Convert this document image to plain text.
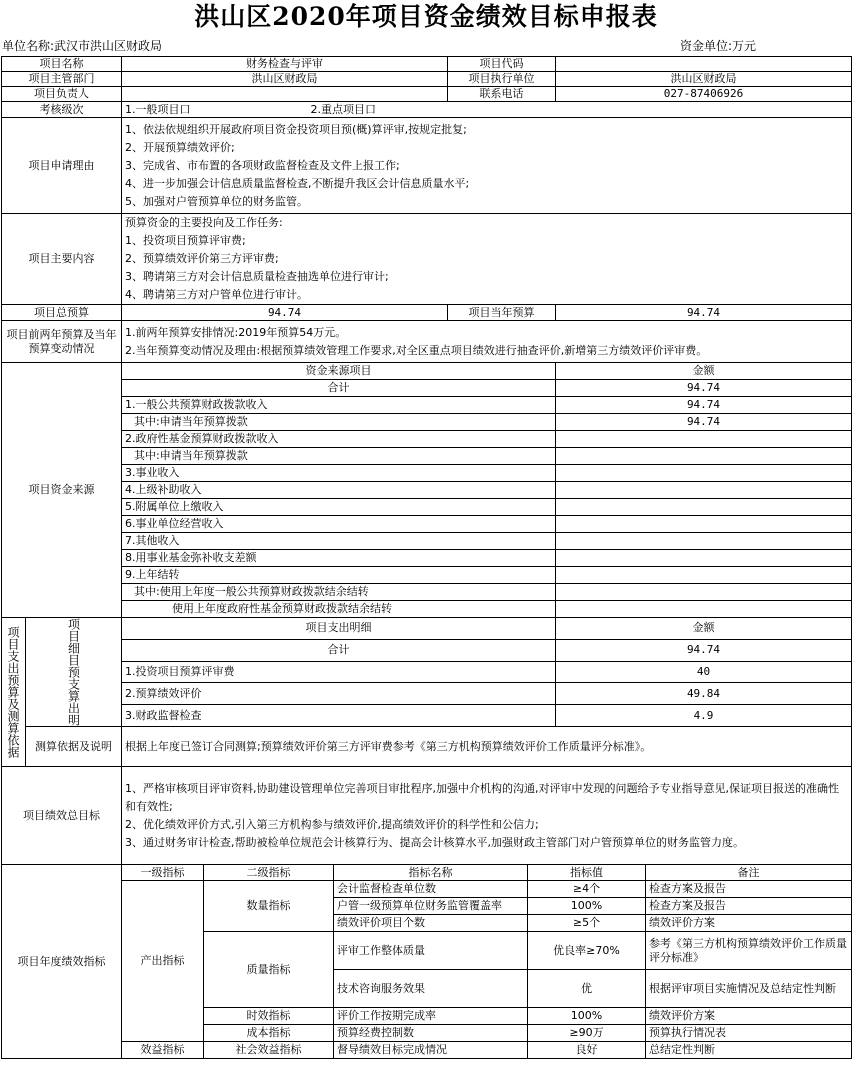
洪山区2020年项目资金绩效目标申报表
单位名称:武汉市洪山区财政局	资金单位:万元
项目名称		财务检查与评审			项目代码			
项目主管部门		洪山区财政局			项目执行单位		洪山区财政局	
项目负责人					联系电话		027-87406926	
考核级次		1.一般项目口 2.重点项目口						
项目申请理由		1、依法依规组织开展政府项目资金投资项目预(概)算评审,按规定批复;
2、开展预算绩效评价;
3、完成省、市布置的各项财政监督检查及文件上报工作;
4、进一步加强会计信息质量监督检查,不断提升我区会计信息质量水平;
5、加强对户管预算单位的财务监管。						

项目主要内容		预算资金的主要投向及工作任务:
1、投资项目预算评审费;
2、预算绩效评价第三方评审费;
3、聘请第三方对会计信息质量检查抽选单位进行审计;
4、聘请第三方对户管单位进行审计。						

项目总预算		94.74			项目当年预算		94.74	
项目前两年预算及当年预算变动情况		1.前两年预算安排情况:2019年预算54万元。
2.当年预算变动情况及理由:根据预算绩效管理工作要求,对全区重点项目绩效进行抽查评价,新增第三方绩效评价评审费。						

项目资金来源		资金来源项目					金额	
		合计					94.74	
		1.一般公共预算财政拨款收入					94.74	
		其中:申请当年预算拨款					94.74	
		2.政府性基金预算财政拨款收入						
		其中:申请当年预算拨款						
		3.事业收入						
		4.上级补助收入						
		5.附属单位上缴收入						
		6.事业单位经营收入						
		7.其他收入						
		8.用事业基金弥补收支差额						
		9.上年结转						
		其中:使用上年度一般公共预算财政拨款结余结转						
		使用上年度政府性基金预算财政拨款结余结转						

项目支出预算及测算依据	项目细目预支算出明	项目支出明细					金额	
		合计					94.74	
		1.投资项目预算评审费					40	
		2.预算绩效评价					49.84	
		3.财政监督检查					4.9	
	测算依据及说明	根据上年度已签订合同测算;预算绩效评价第三方评审费参考《第三方机构预算绩效评价工作质量评分标准》。						
项目绩效总目标		1、严格审核项目评审资料,协助建设管理单位完善项目审批程序,加强中介机构的沟通,对评审中发现的问题给予专业指导意见,保证项目报送的准确性和有效性;
2、优化绩效评价方式,引入第三方机构参与绩效评价,提高绩效评价的科学性和公信力;
3、通过财务审计检查,帮助被检单位规范会计核算行为、提高会计核算水平,加强财政主管部门对户管预算单位的财务监管力度。						

项目年度绩效指标		一级指标	二级指标	指标名称		指标值		备注
		产出指标	数量指标	会计监督检查单位数		≥4个		检查方案及报告
				户管一级预算单位财务监管覆盖率		100%		检查方案及报告
				绩效评价项目个数		≥5个		绩效评价方案
			质量指标	评审工作整体质量		优良率≥70%		参考《第三方机构预算绩效评价工作质量评分标准》
				技术咨询服务效果		优		根据评审项目实施情况及总结定性判断

			时效指标	评价工作按期完成率		100%		绩效评价方案
			成本指标	预算经费控制数		≥90万		预算执行情况表
		效益指标	社会效益指标	督导绩效目标完成情况		良好		总结定性判断
